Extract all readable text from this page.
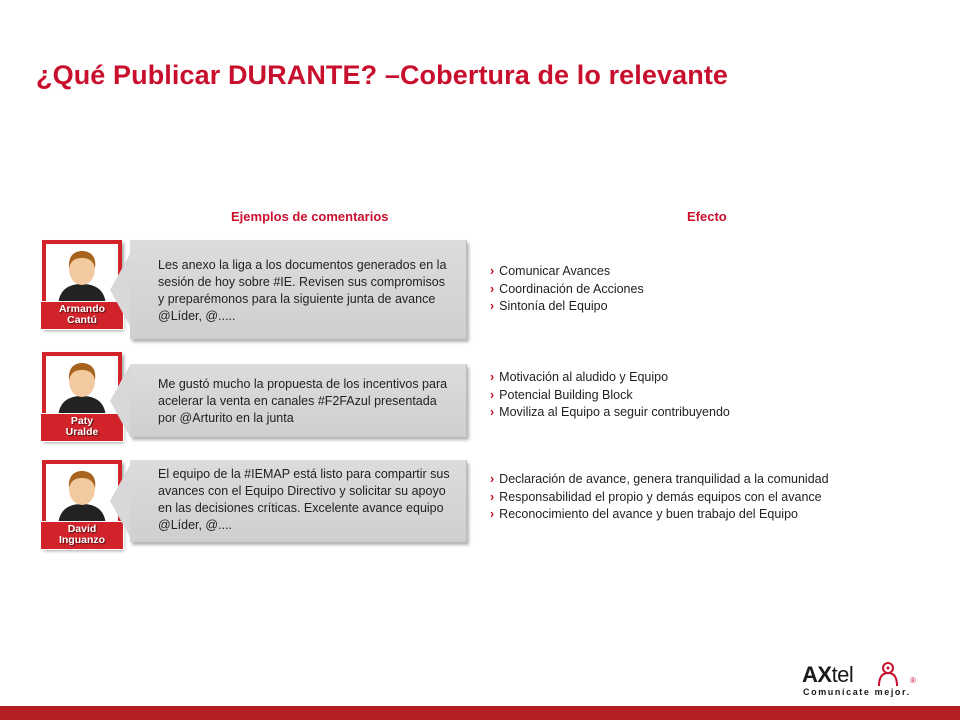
¿Qué Publicar DURANTE? –Cobertura de lo relevante
Ejemplos de comentarios	Efecto
Armando
Cantú
Les anexo la liga a los documentos generados en la sesión de hoy sobre #IE. Revisen sus compromisos y preparémonos para la siguiente junta de avance @Líder, @.....
› Comunicar Avances
› Coordinación de Acciones
› Sintonía del Equipo
Paty
Uralde
Me gustó mucho la propuesta de los incentivos para acelerar la venta en canales #F2FAzul presentada por @Arturito en la junta
› Motivación al aludido y Equipo
› Potencial Building Block
› Moviliza al Equipo a seguir contribuyendo
David
Inguanzo
El equipo de la #IEMAP está listo para compartir sus avances con el Equipo Directivo y solicitar su apoyo en las decisiones críticas. Excelente avance equipo @Líder, @....
› Declaración de avance, genera tranquilidad a la comunidad
› Responsabilidad el propio y demás equipos con el avance
› Reconocimiento del avance y buen trabajo del Equipo
AXtel	®
Comunícate mejor.
